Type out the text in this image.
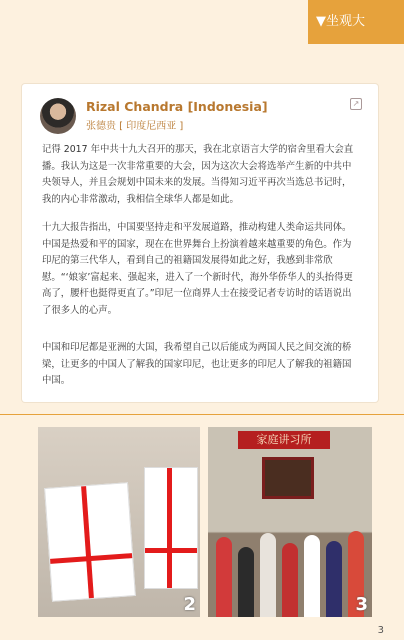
▼坐观大
Rizal Chandra [Indonesia]
张德贵 [ 印度尼西亚 ]
↗
记得 2017 年中共十九大召开的那天，我在北京语言大学的宿舍里看大会直播。我认为这是一次非常重要的大会，因为这次大会将选举产生新的中共中央领导人，并且会规划中国未来的发展。当得知习近平再次当选总书记时，我的内心非常激动，我相信全球华人都是如此。
十九大报告指出，中国要坚持走和平发展道路，推动构建人类命运共同体。中国是热爱和平的国家，现在在世界舞台上扮演着越来越重要的角色。作为印尼的第三代华人，看到自己的祖籍国发展得如此之好，我感到非常欣慰。“‘娘家’富起来、强起来，进入了一个新时代，海外华侨华人的头抬得更高了，腰杆也挺得更直了。”印尼一位商界人士在接受记者专访时的话语说出了很多人的心声。
中国和印尼都是亚洲的大国，我希望自己以后能成为两国人民之间交流的桥梁，让更多的中国人了解我的国家印尼，也让更多的印尼人了解我的祖籍国中国。
2
家庭讲习所
3
3
